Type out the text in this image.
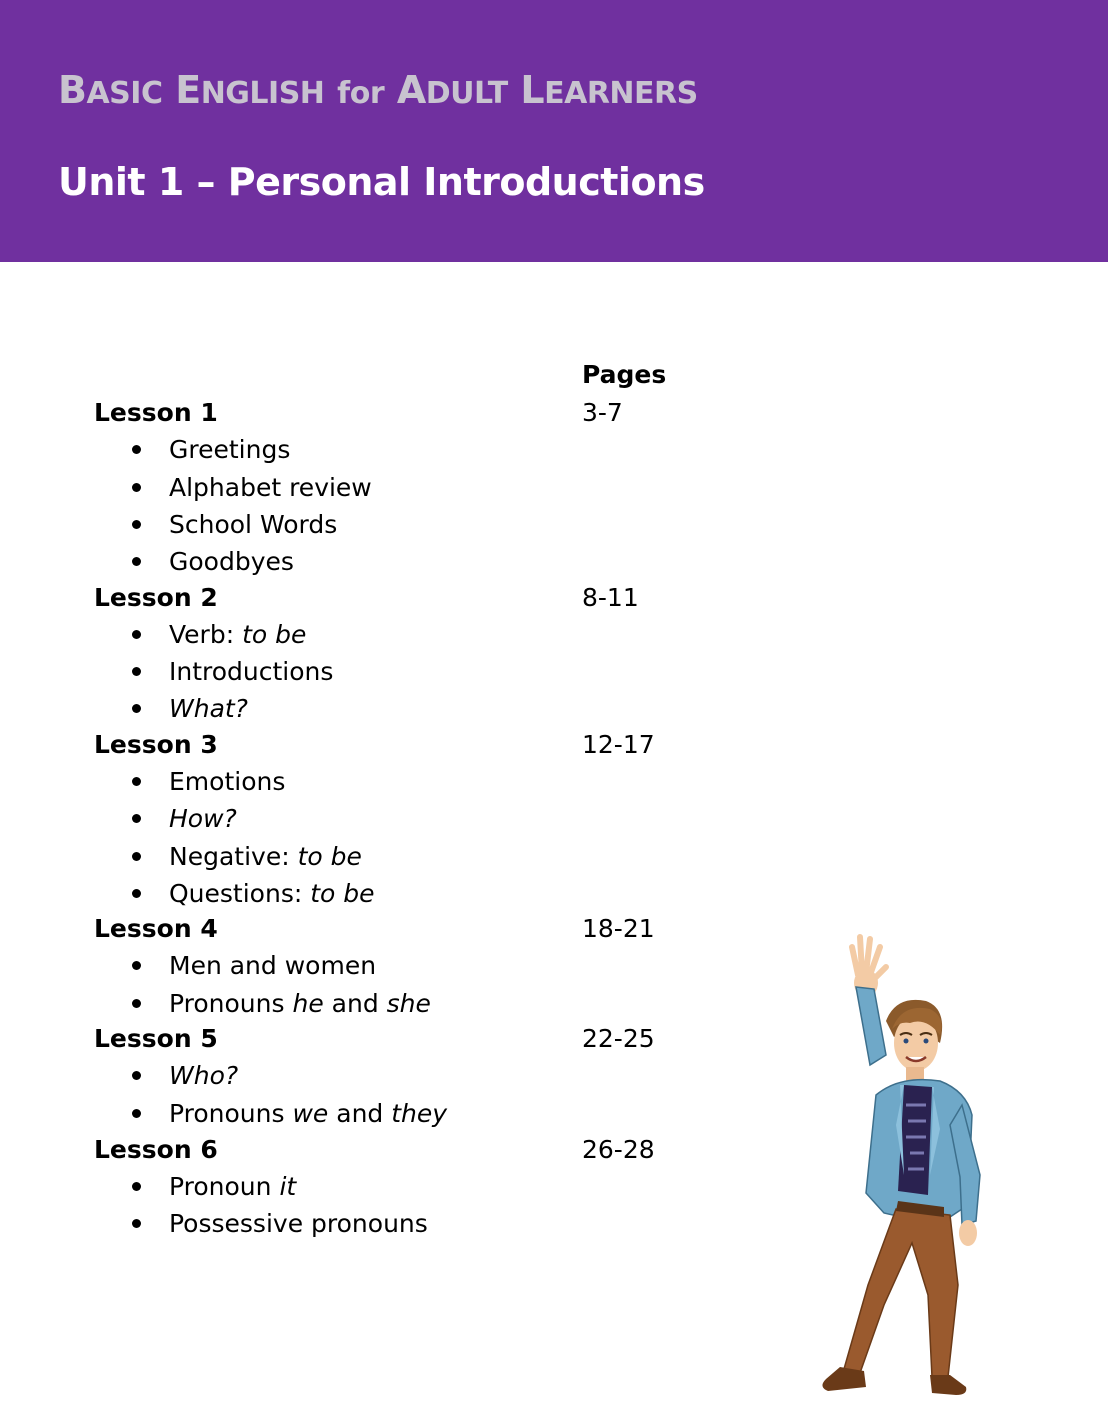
BASIC ENGLISH for ADULT LEARNERS
Unit 1 – Personal Introductions
Pages
Lesson 1	3-7
Greetings
Alphabet review
School Words
Goodbyes
Lesson 2	8-11
Verb: to be
Introductions
What?
Lesson 3	12-17
Emotions
How?
Negative: to be
Questions: to be
Lesson 4	18-21
Men and women
Pronouns he and she
Lesson 5	22-25
Who?
Pronouns we and they
Lesson 6	26-28
Pronoun it
Possessive pronouns
